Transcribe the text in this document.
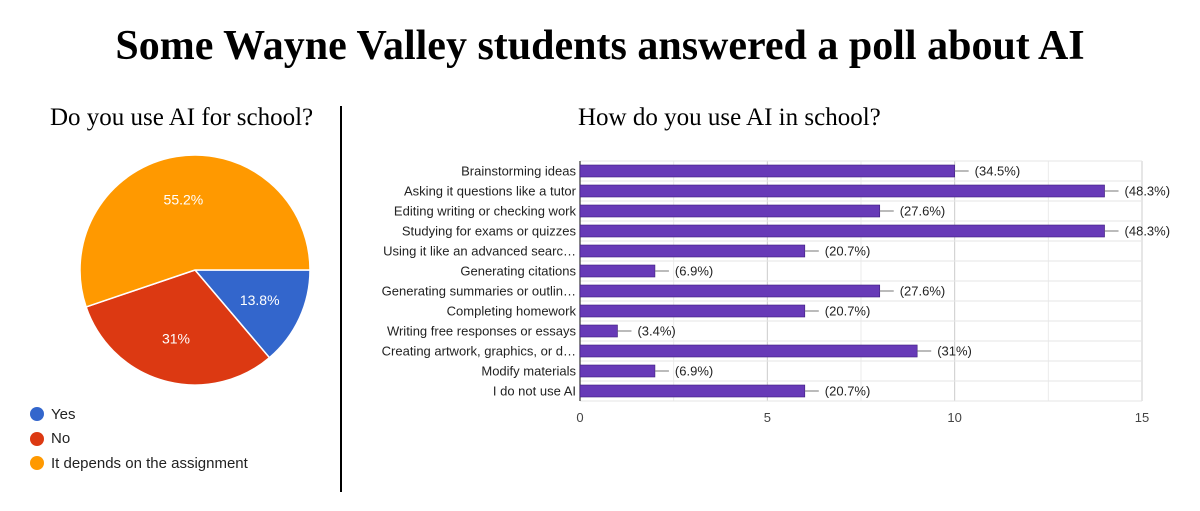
Some Wayne Valley students answered a poll about AI
Do you use AI for school?	How do you use AI in school?
13.8%
31%
55.2%
Yes
No
It depends on the assignment
Brainstorming ideas	(34.5%)
Asking it questions like a tutor	(48.3%)
Editing writing or checking work	(27.6%)
Studying for exams or quizzes	(48.3%)
Using it like an advanced searc…	(20.7%)
Generating citations	(6.9%)
Generating summaries or outlin…	(27.6%)
Completing homework	(20.7%)
Writing free responses or essays	(3.4%)
Creating artwork, graphics, or d…	(31%)
Modify materials	(6.9%)
I do not use AI	(20.7%)
0	5	10	15
